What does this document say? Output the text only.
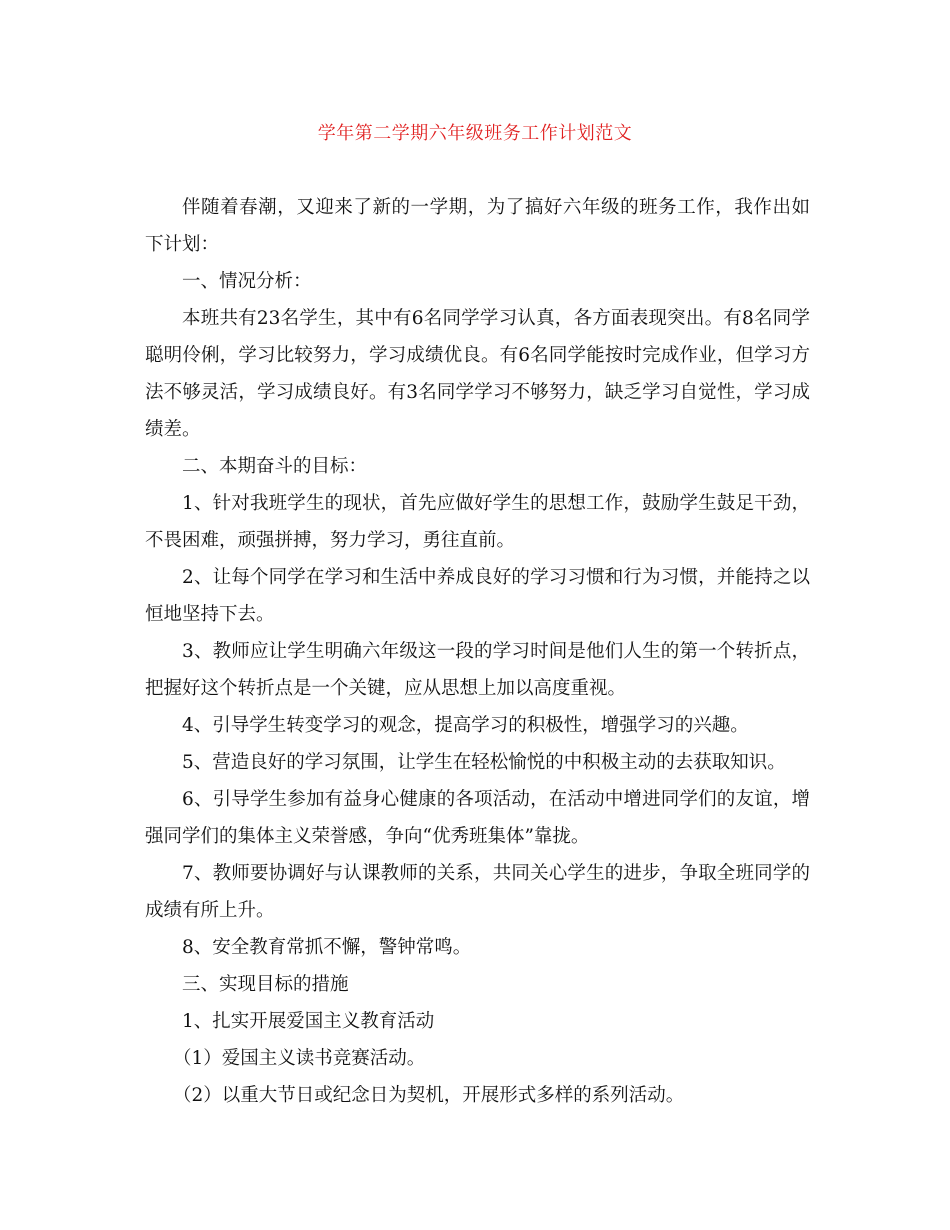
学年第二学期六年级班务工作计划范文

伴随着春潮，又迎来了新的一学期，为了搞好六年级的班务工作，我作出如下计划：

一、情况分析：

本班共有23名学生，其中有6名同学学习认真，各方面表现突出。有8名同学聪明伶俐，学习比较努力，学习成绩优良。有6名同学能按时完成作业，但学习方法不够灵活，学习成绩良好。有3名同学学习不够努力，缺乏学习自觉性，学习成绩差。

二、本期奋斗的目标：

1、针对我班学生的现状，首先应做好学生的思想工作，鼓励学生鼓足干劲，不畏困难，顽强拼搏，努力学习，勇往直前。

2、让每个同学在学习和生活中养成良好的学习习惯和行为习惯，并能持之以恒地坚持下去。

3、教师应让学生明确六年级这一段的学习时间是他们人生的第一个转折点，把握好这个转折点是一个关键，应从思想上加以高度重视。

4、引导学生转变学习的观念，提高学习的积极性，增强学习的兴趣。

5、营造良好的学习氛围，让学生在轻松愉悦的中积极主动的去获取知识。

6、引导学生参加有益身心健康的各项活动，在活动中增进同学们的友谊，增强同学们的集体主义荣誉感，争向“优秀班集体”靠拢。

7、教师要协调好与认课教师的关系，共同关心学生的进步，争取全班同学的成绩有所上升。

8、安全教育常抓不懈，警钟常鸣。

三、实现目标的措施

1、扎实开展爱国主义教育活动

（1）爱国主义读书竞赛活动。

（2）以重大节日或纪念日为契机，开展形式多样的系列活动。
